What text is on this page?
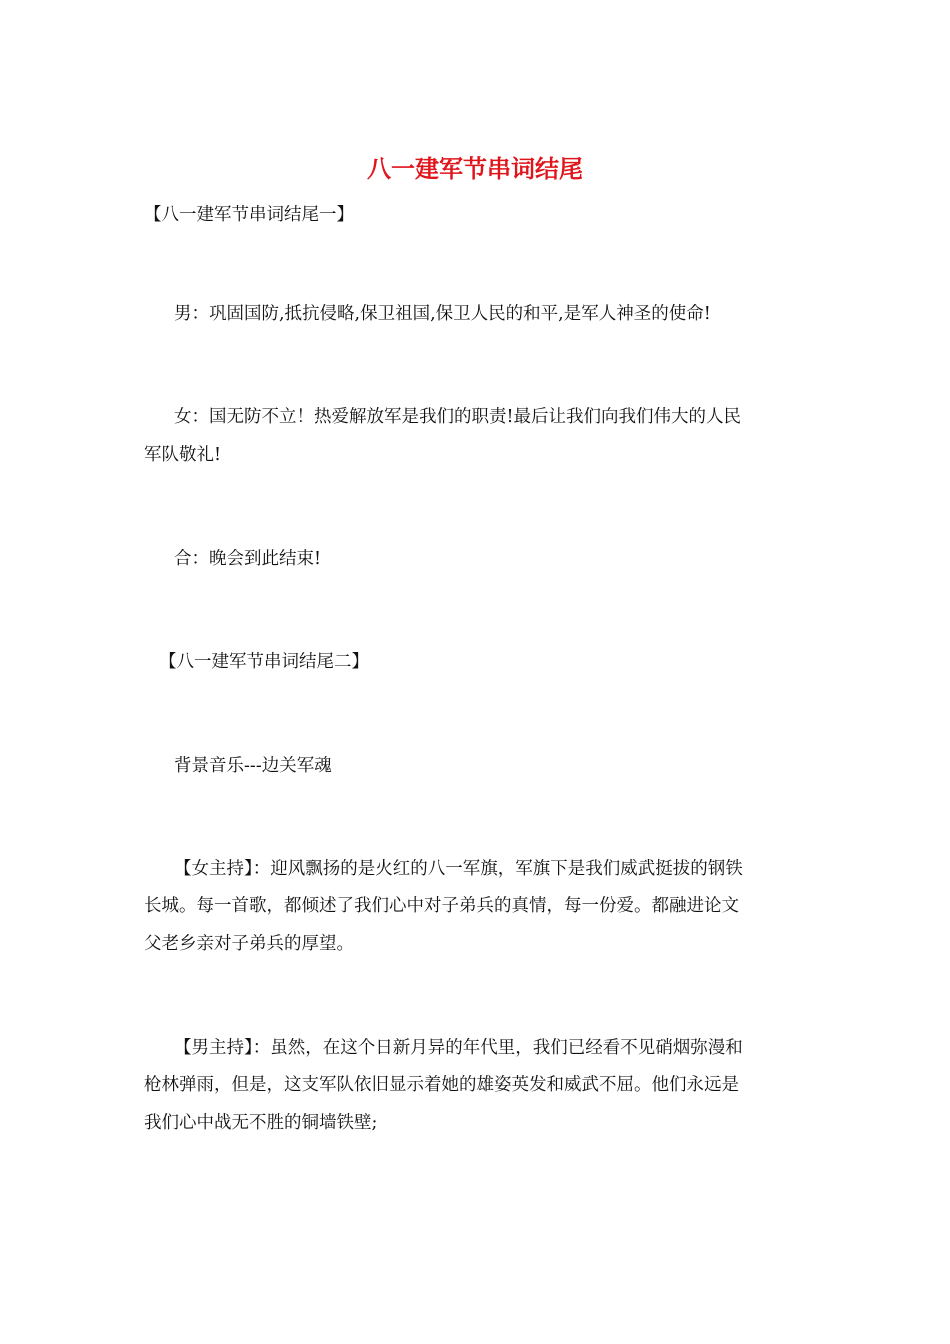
八一建军节串词结尾
【八一建军节串词结尾一】
男：巩固国防,抵抗侵略,保卫祖国,保卫人民的和平,是军人神圣的使命!
女：国无防不立！热爱解放军是我们的职责!最后让我们向我们伟大的人民
军队敬礼!
合：晚会到此结束!
【八一建军节串词结尾二】
背景音乐---边关军魂
【女主持】：迎风飘扬的是火红的八一军旗，军旗下是我们威武挺拔的钢铁
长城。每一首歌，都倾述了我们心中对子弟兵的真情，每一份爱。都融进论文
父老乡亲对子弟兵的厚望。
【男主持】：虽然，在这个日新月异的年代里，我们已经看不见硝烟弥漫和
枪林弹雨，但是，这支军队依旧显示着她的雄姿英发和威武不屈。他们永远是
我们心中战无不胜的铜墙铁壁;
